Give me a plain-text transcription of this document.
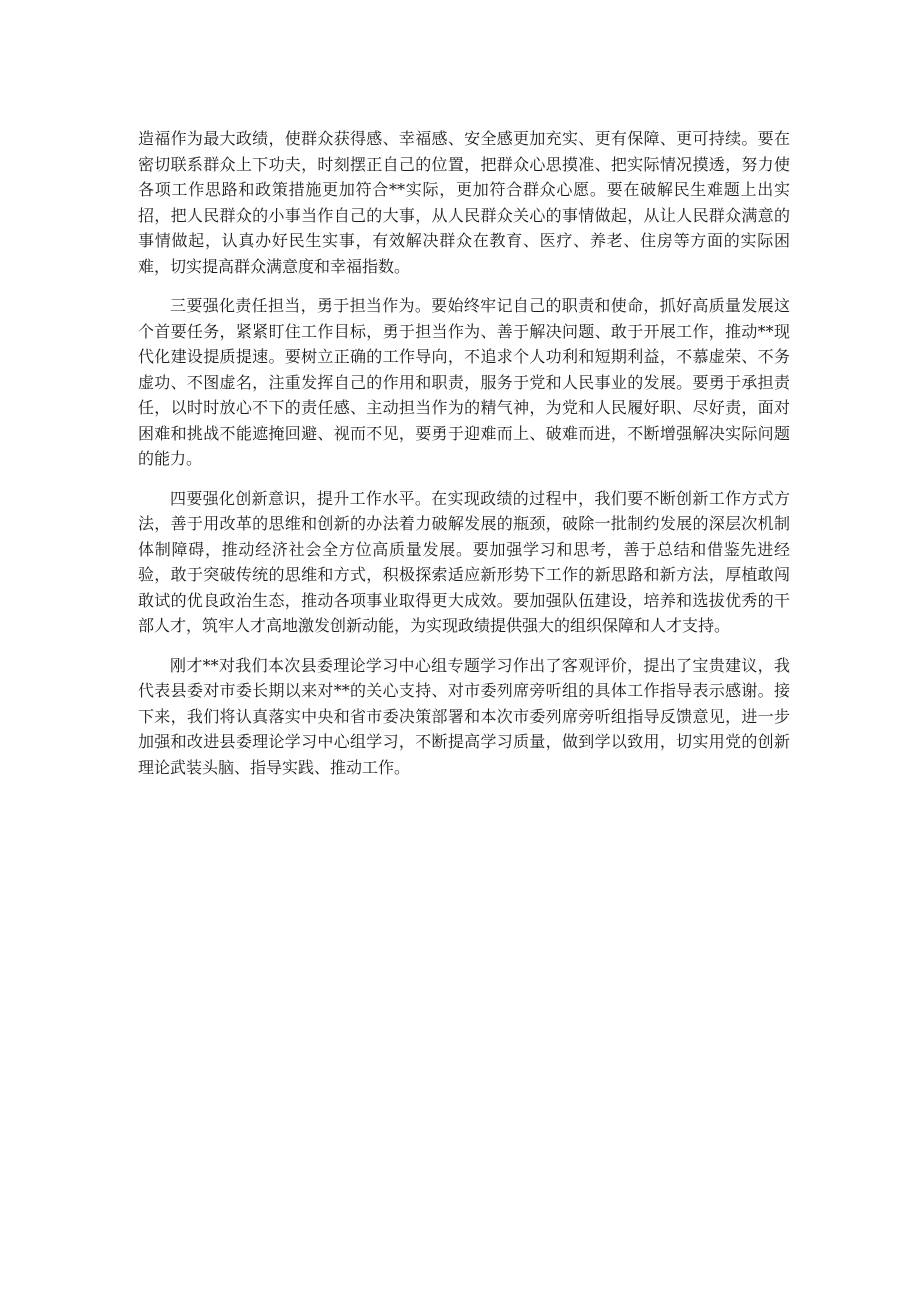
造福作为最大政绩，使群众获得感、幸福感、安全感更加充实、更有保障、更可持续。要在密切联系群众上下功夫，时刻摆正自己的位置，把群众心思摸准、把实际情况摸透，努力使各项工作思路和政策措施更加符合**实际，更加符合群众心愿。要在破解民生难题上出实招，把人民群众的小事当作自己的大事，从人民群众关心的事情做起，从让人民群众满意的事情做起，认真办好民生实事，有效解决群众在教育、医疗、养老、住房等方面的实际困难，切实提高群众满意度和幸福指数。

三要强化责任担当，勇于担当作为。要始终牢记自己的职责和使命，抓好高质量发展这个首要任务，紧紧盯住工作目标，勇于担当作为、善于解决问题、敢于开展工作，推动**现代化建设提质提速。要树立正确的工作导向，不追求个人功利和短期利益，不慕虚荣、不务虚功、不图虚名，注重发挥自己的作用和职责，服务于党和人民事业的发展。要勇于承担责任，以时时放心不下的责任感、主动担当作为的精气神，为党和人民履好职、尽好责，面对困难和挑战不能遮掩回避、视而不见，要勇于迎难而上、破难而进，不断增强解决实际问题的能力。

四要强化创新意识，提升工作水平。在实现政绩的过程中，我们要不断创新工作方式方法，善于用改革的思维和创新的办法着力破解发展的瓶颈，破除一批制约发展的深层次机制体制障碍，推动经济社会全方位高质量发展。要加强学习和思考，善于总结和借鉴先进经验，敢于突破传统的思维和方式，积极探索适应新形势下工作的新思路和新方法，厚植敢闯敢试的优良政治生态，推动各项事业取得更大成效。要加强队伍建设，培养和选拔优秀的干部人才，筑牢人才高地激发创新动能，为实现政绩提供强大的组织保障和人才支持。

刚才**对我们本次县委理论学习中心组专题学习作出了客观评价，提出了宝贵建议，我代表县委对市委长期以来对**的关心支持、对市委列席旁听组的具体工作指导表示感谢。接下来，我们将认真落实中央和省市委决策部署和本次市委列席旁听组指导反馈意见，进一步加强和改进县委理论学习中心组学习，不断提高学习质量，做到学以致用，切实用党的创新理论武装头脑、指导实践、推动工作。
